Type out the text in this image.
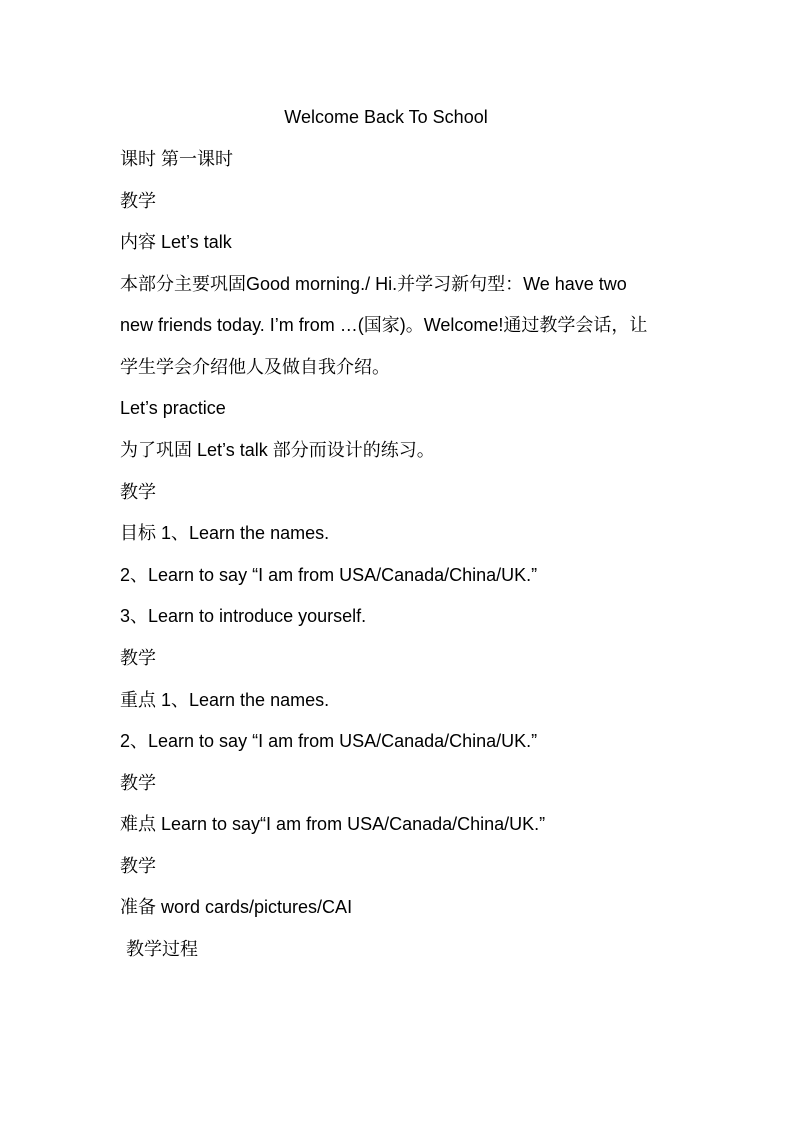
Welcome Back To School
课时 第一课时
教学
内容 Let’s talk
本部分主要巩固Good morning./ Hi.并学习新句型：We have two
new friends today. I’m from …(国家)。Welcome!通过教学会话，让
学生学会介绍他人及做自我介绍。
Let’s practice
为了巩固 Let’s talk 部分而设计的练习。
教学
目标 1、Learn the names.
2、Learn to say “I am from USA/Canada/China/UK.”
3、Learn to introduce yourself.
教学
重点 1、Learn the names.
2、Learn to say “I am from USA/Canada/China/UK.”
教学
难点 Learn to say“I am from USA/Canada/China/UK.”
教学
准备 word cards/pictures/CAI
教学过程
